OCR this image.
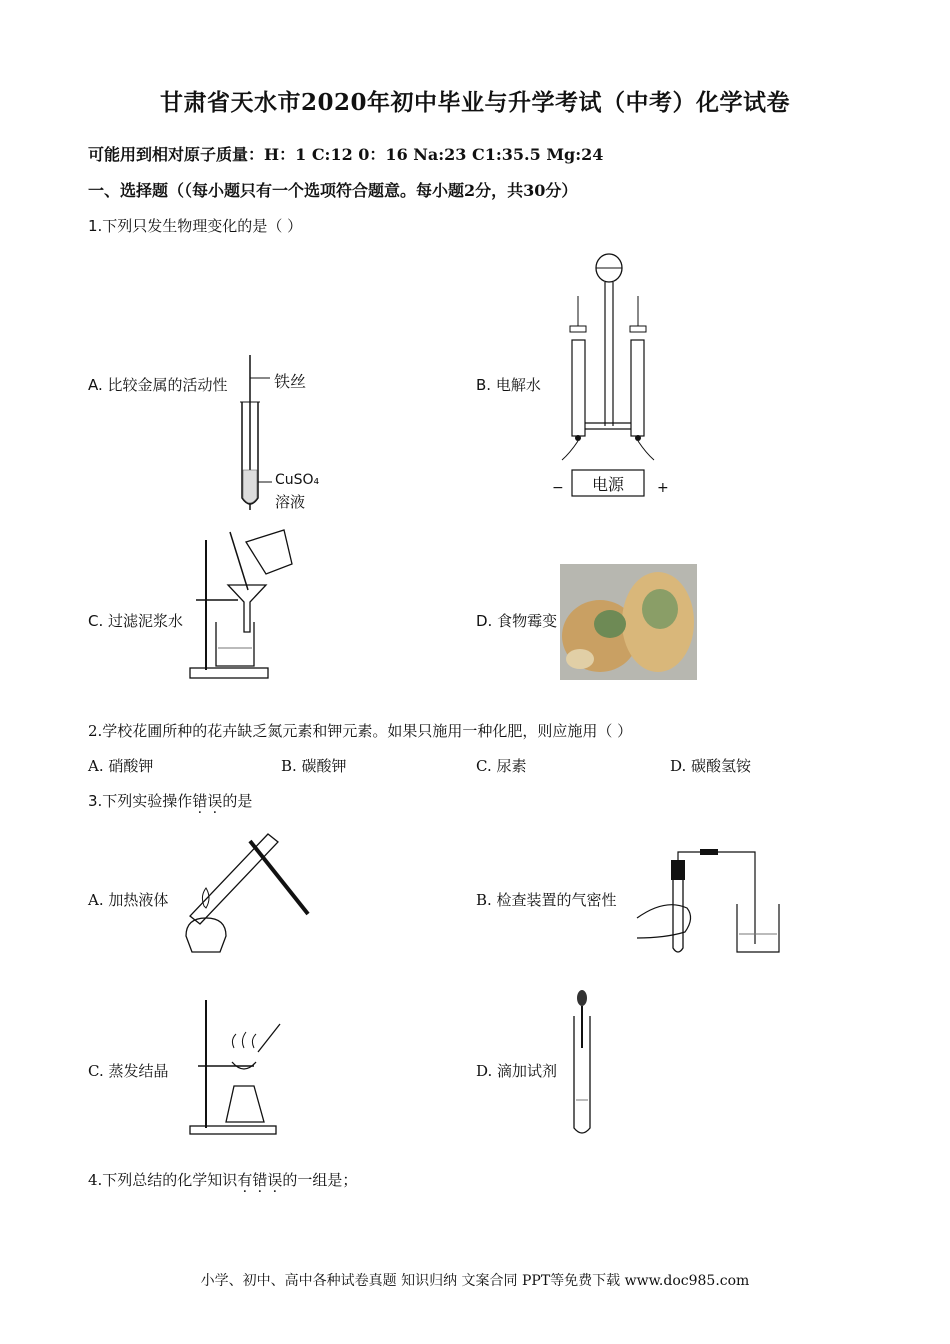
甘肃省天水市2020年初中毕业与升学考试（中考）化学试卷
可能用到相对原子质量：H：1 C:12 0：16 Na:23 C1:35.5 Mg:24
一、选择题（（每小题只有一个选项符合题意。每小题2分，共30分）
1.下列只发生物理变化的是（ ）
A. 比较金属的活动性	B. 电解水
C. 过滤泥浆水	D. 食物霉变
铁丝
CuSO₄
溶液
电源
−	+
2.学校花圃所种的花卉缺乏氮元素和钾元素。如果只施用一种化肥，则应施用（ ）
A. 硝酸钾	B. 碳酸钾	C. 尿素	D. 碳酸氢铵
3.下列实验操作错误的是
A. 加热液体	B. 检查装置的气密性
C. 蒸发结晶	D. 滴加试剂
4.下列总结的化学知识有错误的一组是；
小学、初中、高中各种试卷真题 知识归纳 文案合同 PPT等免费下载 www.doc985.com
